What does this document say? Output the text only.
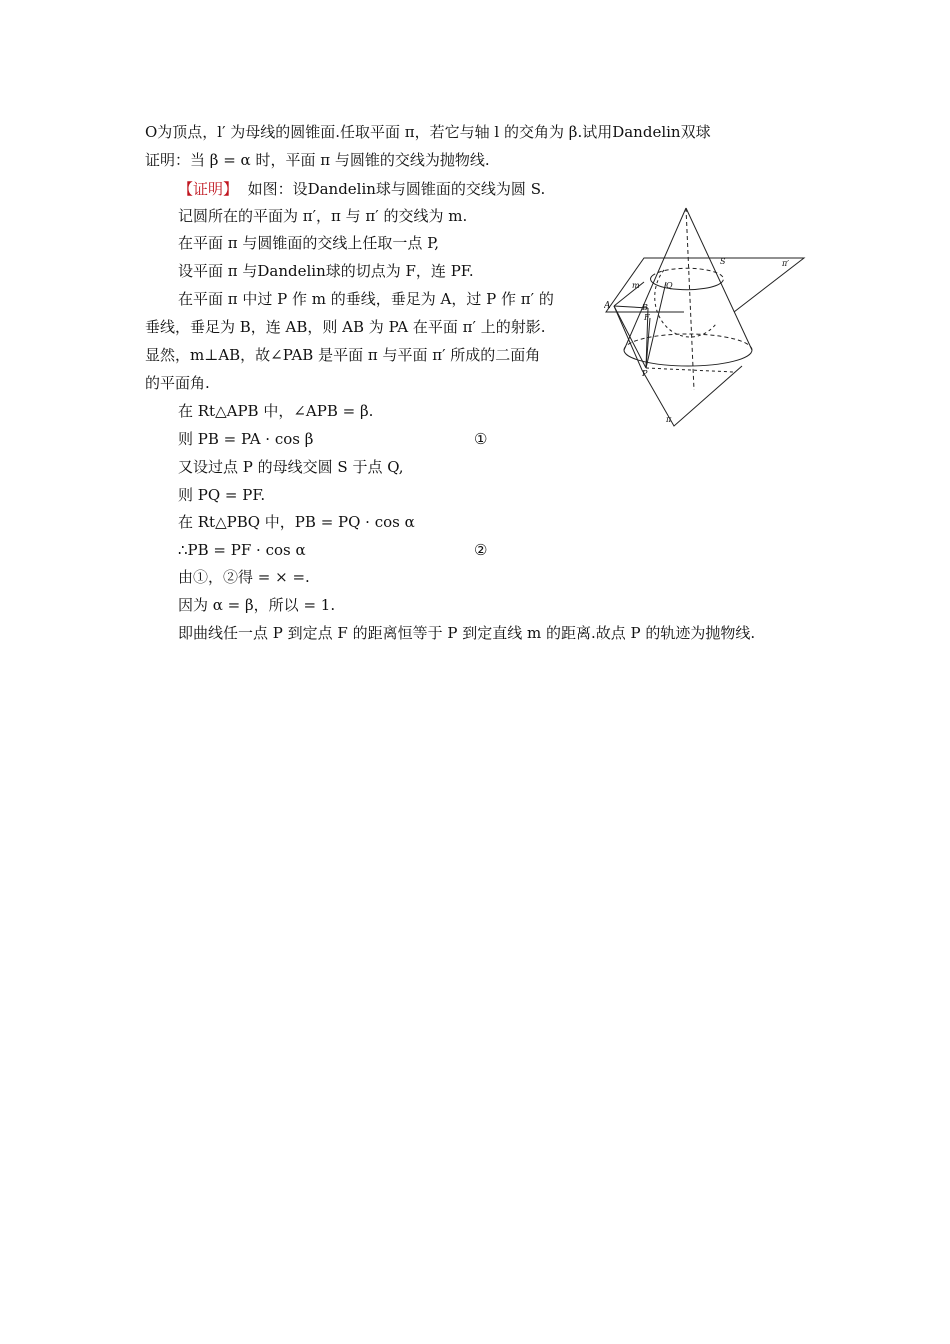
O为顶点，l′ 为母线的圆锥面.任取平面 π，若它与轴 l 的交角为 β.试用Dandelin双球
证明：当 β = α 时，平面 π 与圆锥的交线为抛物线.
【证明】 如图：设Dandelin球与圆锥面的交线为圆 S.
记圆所在的平面为 π′，π 与 π′ 的交线为 m.
在平面 π 与圆锥面的交线上任取一点 P,
设平面 π 与Dandelin球的切点为 F，连 PF.
在平面 π 中过 P 作 m 的垂线，垂足为 A，过 P 作 π′ 的
垂线，垂足为 B，连 AB，则 AB 为 PA 在平面 π′ 上的射影.
显然，m⊥AB，故∠PAB 是平面 π 与平面 π′ 所成的二面角
的平面角.
在 Rt△APB 中，∠APB = β.
则 PB = PA · cos β	①
又设过点 P 的母线交圆 S 于点 Q,
则 PQ = PF.
在 Rt△PBQ 中，PB = PQ · cos α
∴PB = PF · cos α	②
由①，②得 = × =.
因为 α = β，所以 = 1.
即曲线任一点 P 到定点 F 的距离恒等于 P 到定直线 m 的距离.故点 P 的轨迹为抛物线.
A	B
F
P
Q
S
m
π′
π
